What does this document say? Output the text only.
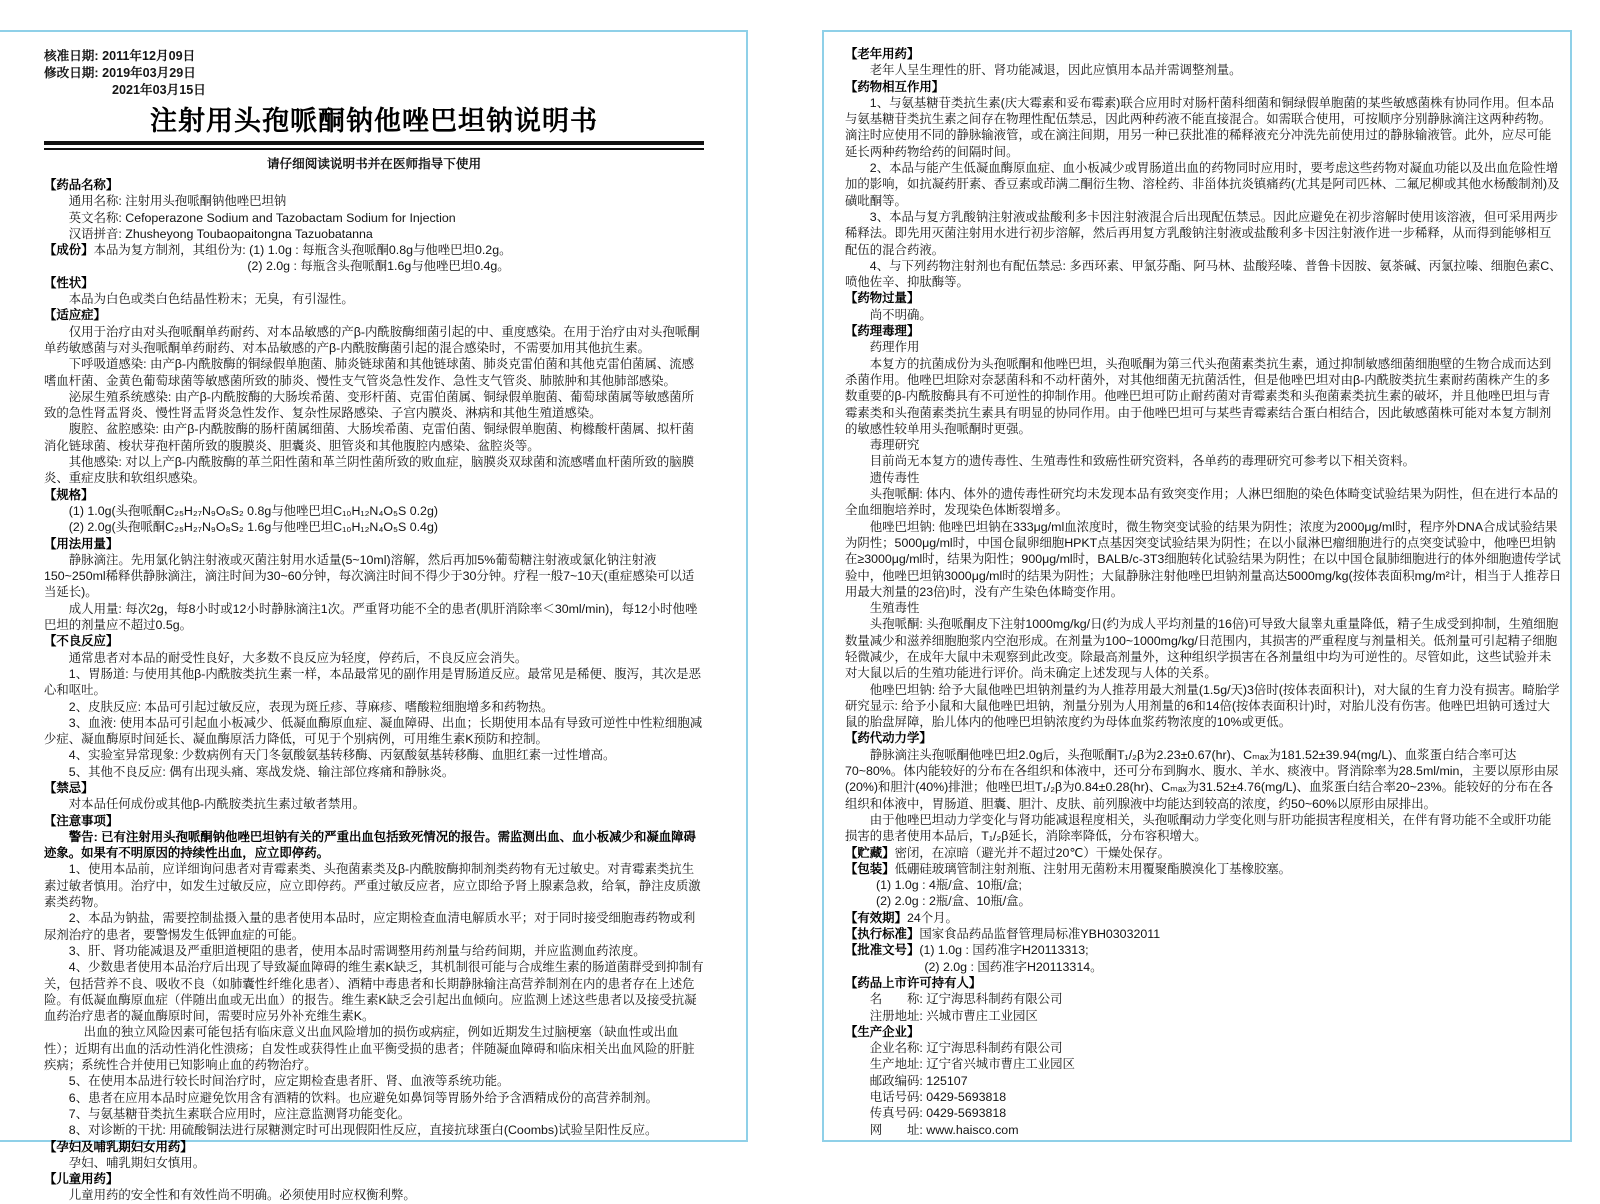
核准日期: 2011年12月09日
修改日期: 2019年03月29日
2021年03月15日
注射用头孢哌酮钠他唑巴坦钠说明书
请仔细阅读说明书并在医师指导下使用
【药品名称】
通用名称: 注射用头孢哌酮钠他唑巴坦钠
英文名称: Cefoperazone Sodium and Tazobactam Sodium for Injection
汉语拼音: Zhusheyong Toubaopaitongna Tazuobatanna
【成份】本品为复方制剂，其组份为: (1) 1.0g : 每瓶含头孢哌酮0.8g与他唑巴坦0.2g。
(2) 2.0g : 每瓶含头孢哌酮1.6g与他唑巴坦0.4g。
【性状】
本品为白色或类白色结晶性粉末；无臭，有引湿性。
【适应症】
仅用于治疗由对头孢哌酮单药耐药、对本品敏感的产β-内酰胺酶细菌引起的中、重度感染。在用于治疗由对头孢哌酮单药敏感菌与对头孢哌酮单药耐药、对本品敏感的产β-内酰胺酶菌引起的混合感染时，不需要加用其他抗生素。
下呼吸道感染: 由产β-内酰胺酶的铜绿假单胞菌、肺炎链球菌和其他链球菌、肺炎克雷伯菌和其他克雷伯菌属、流感嗜血杆菌、金黄色葡萄球菌等敏感菌所致的肺炎、慢性支气管炎急性发作、急性支气管炎、肺脓肿和其他肺部感染。
泌尿生殖系统感染: 由产β-内酰胺酶的大肠埃希菌、变形杆菌、克雷伯菌属、铜绿假单胞菌、葡萄球菌属等敏感菌所致的急性肾盂肾炎、慢性肾盂肾炎急性发作、复杂性尿路感染、子宫内膜炎、淋病和其他生殖道感染。
腹腔、盆腔感染: 由产β-内酰胺酶的肠杆菌属细菌、大肠埃希菌、克雷伯菌、铜绿假单胞菌、枸橼酸杆菌属、拟杆菌消化链球菌、梭状芽孢杆菌所致的腹膜炎、胆囊炎、胆管炎和其他腹腔内感染、盆腔炎等。
其他感染: 对以上产β-内酰胺酶的革兰阳性菌和革兰阴性菌所致的败血症，脑膜炎双球菌和流感嗜血杆菌所致的脑膜炎、重症皮肤和软组织感染。
【规格】
(1) 1.0g(头孢哌酮C₂₅H₂₇N₉O₈S₂ 0.8g与他唑巴坦C₁₀H₁₂N₄O₅S 0.2g)
(2) 2.0g(头孢哌酮C₂₅H₂₇N₉O₈S₂ 1.6g与他唑巴坦C₁₀H₁₂N₄O₅S 0.4g)
【用法用量】
静脉滴注。先用氯化钠注射液或灭菌注射用水适量(5~10ml)溶解，然后再加5%葡萄糖注射液或氯化钠注射液150~250ml稀释供静脉滴注，滴注时间为30~60分钟，每次滴注时间不得少于30分钟。疗程一般7~10天(重症感染可以适当延长)。
成人用量: 每次2g，每8小时或12小时静脉滴注1次。严重肾功能不全的患者(肌肝消除率＜30ml/min)，每12小时他唑巴坦的剂量应不超过0.5g。
【不良反应】
通常患者对本品的耐受性良好，大多数不良反应为轻度，停药后，不良反应会消失。
1、胃肠道: 与使用其他β-内酰胺类抗生素一样，本品最常见的副作用是胃肠道反应。最常见是稀便、腹泻，其次是恶心和呕吐。
2、皮肤反应: 本品可引起过敏反应，表现为斑丘疹、荨麻疹、嗜酸粒细胞增多和药物热。
3、血液: 使用本品可引起血小板减少、低凝血酶原血症、凝血障碍、出血；长期使用本品有导致可逆性中性粒细胞减少症、凝血酶原时间延长、凝血酶原活力降低，可见于个别病例，可用维生素K预防和控制。
4、实验室异常现象: 少数病例有天门冬氨酸氨基转移酶、丙氨酸氨基转移酶、血胆红素一过性增高。
5、其他不良反应: 偶有出现头痛、寒战发烧、输注部位疼痛和静脉炎。
【禁忌】
对本品任何成份或其他β-内酰胺类抗生素过敏者禁用。
【注意事项】
警告: 已有注射用头孢哌酮钠他唑巴坦钠有关的严重出血包括致死情况的报告。需监测出血、血小板减少和凝血障碍迹象。如果有不明原因的持续性出血，应立即停药。
1、使用本品前，应详细询问患者对青霉素类、头孢菌素类及β-内酰胺酶抑制剂类药物有无过敏史。对青霉素类抗生素过敏者慎用。治疗中，如发生过敏反应，应立即停药。严重过敏反应者，应立即给予肾上腺素急救，给氧，静注皮质激素类药物。
2、本品为钠盐，需要控制盐摄入量的患者使用本品时，应定期检查血清电解质水平；对于同时接受细胞毒药物或利尿剂治疗的患者，要警惕发生低钾血症的可能。
3、肝、肾功能减退及严重胆道梗阻的患者，使用本品时需调整用药剂量与给药间期，并应监测血药浓度。
4、少数患者使用本品治疗后出现了导致凝血障碍的维生素K缺乏，其机制很可能与合成维生素的肠道菌群受到抑制有关，包括营养不良、吸收不良（如肺囊性纤维化患者）、酒精中毒患者和长期静脉输注高营养制剂在内的患者存在上述危险。有低凝血酶原血症（伴随出血或无出血）的报告。维生素K缺乏会引起出血倾向。应监测上述这些患者以及接受抗凝血药治疗患者的凝血酶原时间，需要时应另外补充维生素K。
出血的独立风险因素可能包括有临床意义出血风险增加的损伤或病症，例如近期发生过脑梗塞（缺血性或出血性）；近期有出血的活动性消化性溃疡；自发性或获得性止血平衡受损的患者；伴随凝血障碍和临床相关出血风险的肝脏疾病；系统性合并使用已知影响止血的药物治疗。
5、在使用本品进行较长时间治疗时，应定期检查患者肝、肾、血液等系统功能。
6、患者在应用本品时应避免饮用含有酒精的饮料。也应避免如鼻饲等胃肠外给予含酒精成份的高营养制剂。
7、与氨基糖苷类抗生素联合应用时，应注意监测肾功能变化。
8、对诊断的干扰: 用硫酸铜法进行尿糖测定时可出现假阳性反应，直接抗球蛋白(Coombs)试验呈阳性反应。
【孕妇及哺乳期妇女用药】
孕妇、哺乳期妇女慎用。
【儿童用药】
儿童用药的安全性和有效性尚不明确。必须使用时应权衡利弊。
【老年用药】
老年人呈生理性的肝、肾功能减退，因此应慎用本品并需调整剂量。
【药物相互作用】
1、与氨基糖苷类抗生素(庆大霉素和妥布霉素)联合应用时对肠杆菌科细菌和铜绿假单胞菌的某些敏感菌株有协同作用。但本品与氨基糖苷类抗生素之间存在物理性配伍禁忌，因此两种药液不能直接混合。如需联合使用，可按顺序分别静脉滴注这两种药物。滴注时应使用不同的静脉输液管，或在滴注间期，用另一种已获批准的稀释液充分冲洗先前使用过的静脉输液管。此外，应尽可能延长两种药物给药的间隔时间。
2、本品与能产生低凝血酶原血症、血小板减少或胃肠道出血的药物同时应用时，要考虑这些药物对凝血功能以及出血危险性增加的影响，如抗凝药肝素、香豆素或茚满二酮衍生物、溶栓药、非甾体抗炎镇痛药(尤其是阿司匹林、二氟尼柳或其他水杨酸制剂)及磺吡酮等。
3、本品与复方乳酸钠注射液或盐酸利多卡因注射液混合后出现配伍禁忌。因此应避免在初步溶解时使用该溶液，但可采用两步稀释法。即先用灭菌注射用水进行初步溶解，然后再用复方乳酸钠注射液或盐酸利多卡因注射液作进一步稀释，从而得到能够相互配伍的混合药液。
4、与下列药物注射剂也有配伍禁忌: 多西环素、甲氯芬酯、阿马林、盐酸羟嗪、普鲁卡因胺、氨茶碱、丙氯拉嗪、细胞色素C、喷他佐辛、抑肽酶等。
【药物过量】
尚不明确。
【药理毒理】
药理作用
本复方的抗菌成份为头孢哌酮和他唑巴坦，头孢哌酮为第三代头孢菌素类抗生素，通过抑制敏感细菌细胞壁的生物合成而达到杀菌作用。他唑巴坦除对奈瑟菌科和不动杆菌外，对其他细菌无抗菌活性，但是他唑巴坦对由β-内酰胺类抗生素耐药菌株产生的多数重要的β-内酰胺酶具有不可逆性的抑制作用。他唑巴坦可防止耐药菌对青霉素类和头孢菌素类抗生素的破坏，并且他唑巴坦与青霉素类和头孢菌素类抗生素具有明显的协同作用。由于他唑巴坦可与某些青霉素结合蛋白相结合，因此敏感菌株可能对本复方制剂的敏感性较单用头孢哌酮时更强。
毒理研究
目前尚无本复方的遗传毒性、生殖毒性和致癌性研究资料，各单药的毒理研究可参考以下相关资料。
遗传毒性
头孢哌酮: 体内、体外的遗传毒性研究均未发现本品有致突变作用；人淋巴细胞的染色体畸变试验结果为阴性，但在进行本品的全血细胞培养时，发现染色体断裂增多。
他唑巴坦钠: 他唑巴坦钠在333μg/ml血浓度时，微生物突变试验的结果为阴性；浓度为2000μg/ml时，程序外DNA合成试验结果为阴性；5000μg/ml时，中国仓鼠卵细胞HPKT点基因突变试验结果为阴性；在以小鼠淋巴瘤细胞进行的点突变试验中，他唑巴坦钠在≥3000μg/ml时，结果为阳性；900μg/ml时，BALB/c-3T3细胞转化试验结果为阴性；在以中国仓鼠肺细胞进行的体外细胞遗传学试验中，他唑巴坦钠3000μg/ml时的结果为阴性；大鼠静脉注射他唑巴坦钠剂量高达5000mg/kg(按体表面积mg/m²计，相当于人推荐日用最大剂量的23倍)时，没有产生染色体畸变作用。
生殖毒性
头孢哌酮: 头孢哌酮皮下注射1000mg/kg/日(约为成人平均剂量的16倍)可导致大鼠睾丸重量降低，精子生成受到抑制，生殖细胞数量减少和滋养细胞胞浆内空泡形成。在剂量为100~1000mg/kg/日范围内，其损害的严重程度与剂量相关。低剂量可引起精子细胞轻微减少，在成年大鼠中未观察到此改变。除最高剂量外，这种组织学损害在各剂量组中均为可逆性的。尽管如此，这些试验并未对大鼠以后的生殖功能进行评价。尚未确定上述发现与人体的关系。
他唑巴坦钠: 给予大鼠他唑巴坦钠剂量约为人推荐用最大剂量(1.5g/天)3倍时(按体表面积计)，对大鼠的生育力没有损害。畸胎学研究显示: 给予小鼠和大鼠他唑巴坦钠，剂量分别为人用剂量的6和14倍(按体表面积计)时，对胎儿没有伤害。他唑巴坦钠可透过大鼠的胎盘屏障，胎儿体内的他唑巴坦钠浓度约为母体血浆药物浓度的10%或更低。
【药代动力学】
静脉滴注头孢哌酮他唑巴坦2.0g后，头孢哌酮T₁/₂β为2.23±0.67(hr)、Cₘₐₓ为181.52±39.94(mg/L)、血浆蛋白结合率可达70~80%。体内能较好的分布在各组织和体液中，还可分布到胸水、腹水、羊水、痰液中。肾消除率为28.5ml/min，主要以原形由尿(20%)和胆汁(40%)排泄；他唑巴坦T₁/₂β为0.84±0.28(hr)、Cₘₐₓ为31.52±4.76(mg/L)、血浆蛋白结合率20~23%。能较好的分布在各组织和体液中，胃肠道、胆囊、胆汁、皮肤、前列腺液中均能达到较高的浓度，约50~60%以原形由尿排出。
由于他唑巴坦动力学变化与肾功能减退程度相关，头孢哌酮动力学变化则与肝功能损害程度相关，在伴有肾功能不全或肝功能损害的患者使用本品后，T₁/₂β延长，消除率降低，分布容积增大。
【贮藏】密闭，在凉暗（避光并不超过20℃）干燥处保存。
【包装】低硼硅玻璃管制注射剂瓶、注射用无菌粉末用覆聚酯膜溴化丁基橡胶塞。
(1) 1.0g : 4瓶/盒、10瓶/盒;
(2) 2.0g : 2瓶/盒、10瓶/盒。
【有效期】24个月。
【执行标准】国家食品药品监督管理局标准YBH03032011
【批准文号】(1) 1.0g : 国药准字H20113313;
(2) 2.0g : 国药准字H20113314。
【药品上市许可持有人】
名　　称: 辽宁海思科制药有限公司
注册地址: 兴城市曹庄工业园区
【生产企业】
企业名称: 辽宁海思科制药有限公司
生产地址: 辽宁省兴城市曹庄工业园区
邮政编码: 125107
电话号码: 0429-5693818
传真号码: 0429-5693818
网　　址: www.haisco.com
